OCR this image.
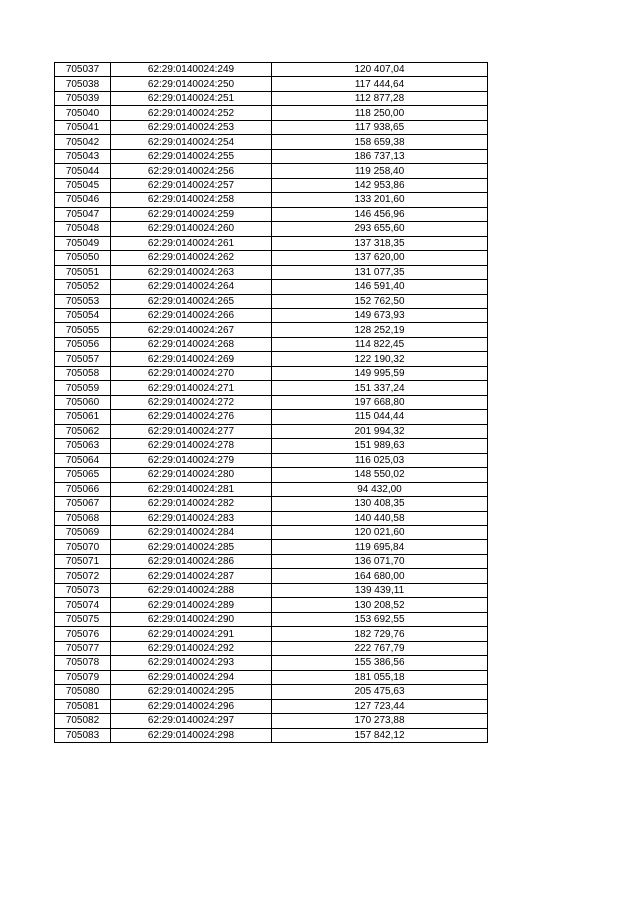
705037	62:29:0140024:249	120 407,04
705038	62:29:0140024:250	117 444,64
705039	62:29:0140024:251	112 877,28
705040	62:29:0140024:252	118 250,00
705041	62:29:0140024:253	117 938,65
705042	62:29:0140024:254	158 659,38
705043	62:29:0140024:255	186 737,13
705044	62:29:0140024:256	119 258,40
705045	62:29:0140024:257	142 953,86
705046	62:29:0140024:258	133 201,60
705047	62:29:0140024:259	146 456,96
705048	62:29:0140024:260	293 655,60
705049	62:29:0140024:261	137 318,35
705050	62:29:0140024:262	137 620,00
705051	62:29:0140024:263	131 077,35
705052	62:29:0140024:264	146 591,40
705053	62:29:0140024:265	152 762,50
705054	62:29:0140024:266	149 673,93
705055	62:29:0140024:267	128 252,19
705056	62:29:0140024:268	114 822,45
705057	62:29:0140024:269	122 190,32
705058	62:29:0140024:270	149 995,59
705059	62:29:0140024:271	151 337,24
705060	62:29:0140024:272	197 668,80
705061	62:29:0140024:276	115 044,44
705062	62:29:0140024:277	201 994,32
705063	62:29:0140024:278	151 989,63
705064	62:29:0140024:279	116 025,03
705065	62:29:0140024:280	148 550,02
705066	62:29:0140024:281	94 432,00
705067	62:29:0140024:282	130 408,35
705068	62:29:0140024:283	140 440,58
705069	62:29:0140024:284	120 021,60
705070	62:29:0140024:285	119 695,84
705071	62:29:0140024:286	136 071,70
705072	62:29:0140024:287	164 680,00
705073	62:29:0140024:288	139 439,11
705074	62:29:0140024:289	130 208,52
705075	62:29:0140024:290	153 692,55
705076	62:29:0140024:291	182 729,76
705077	62:29:0140024:292	222 767,79
705078	62:29:0140024:293	155 386,56
705079	62:29:0140024:294	181 055,18
705080	62:29:0140024:295	205 475,63
705081	62:29:0140024:296	127 723,44
705082	62:29:0140024:297	170 273,88
705083	62:29:0140024:298	157 842,12
